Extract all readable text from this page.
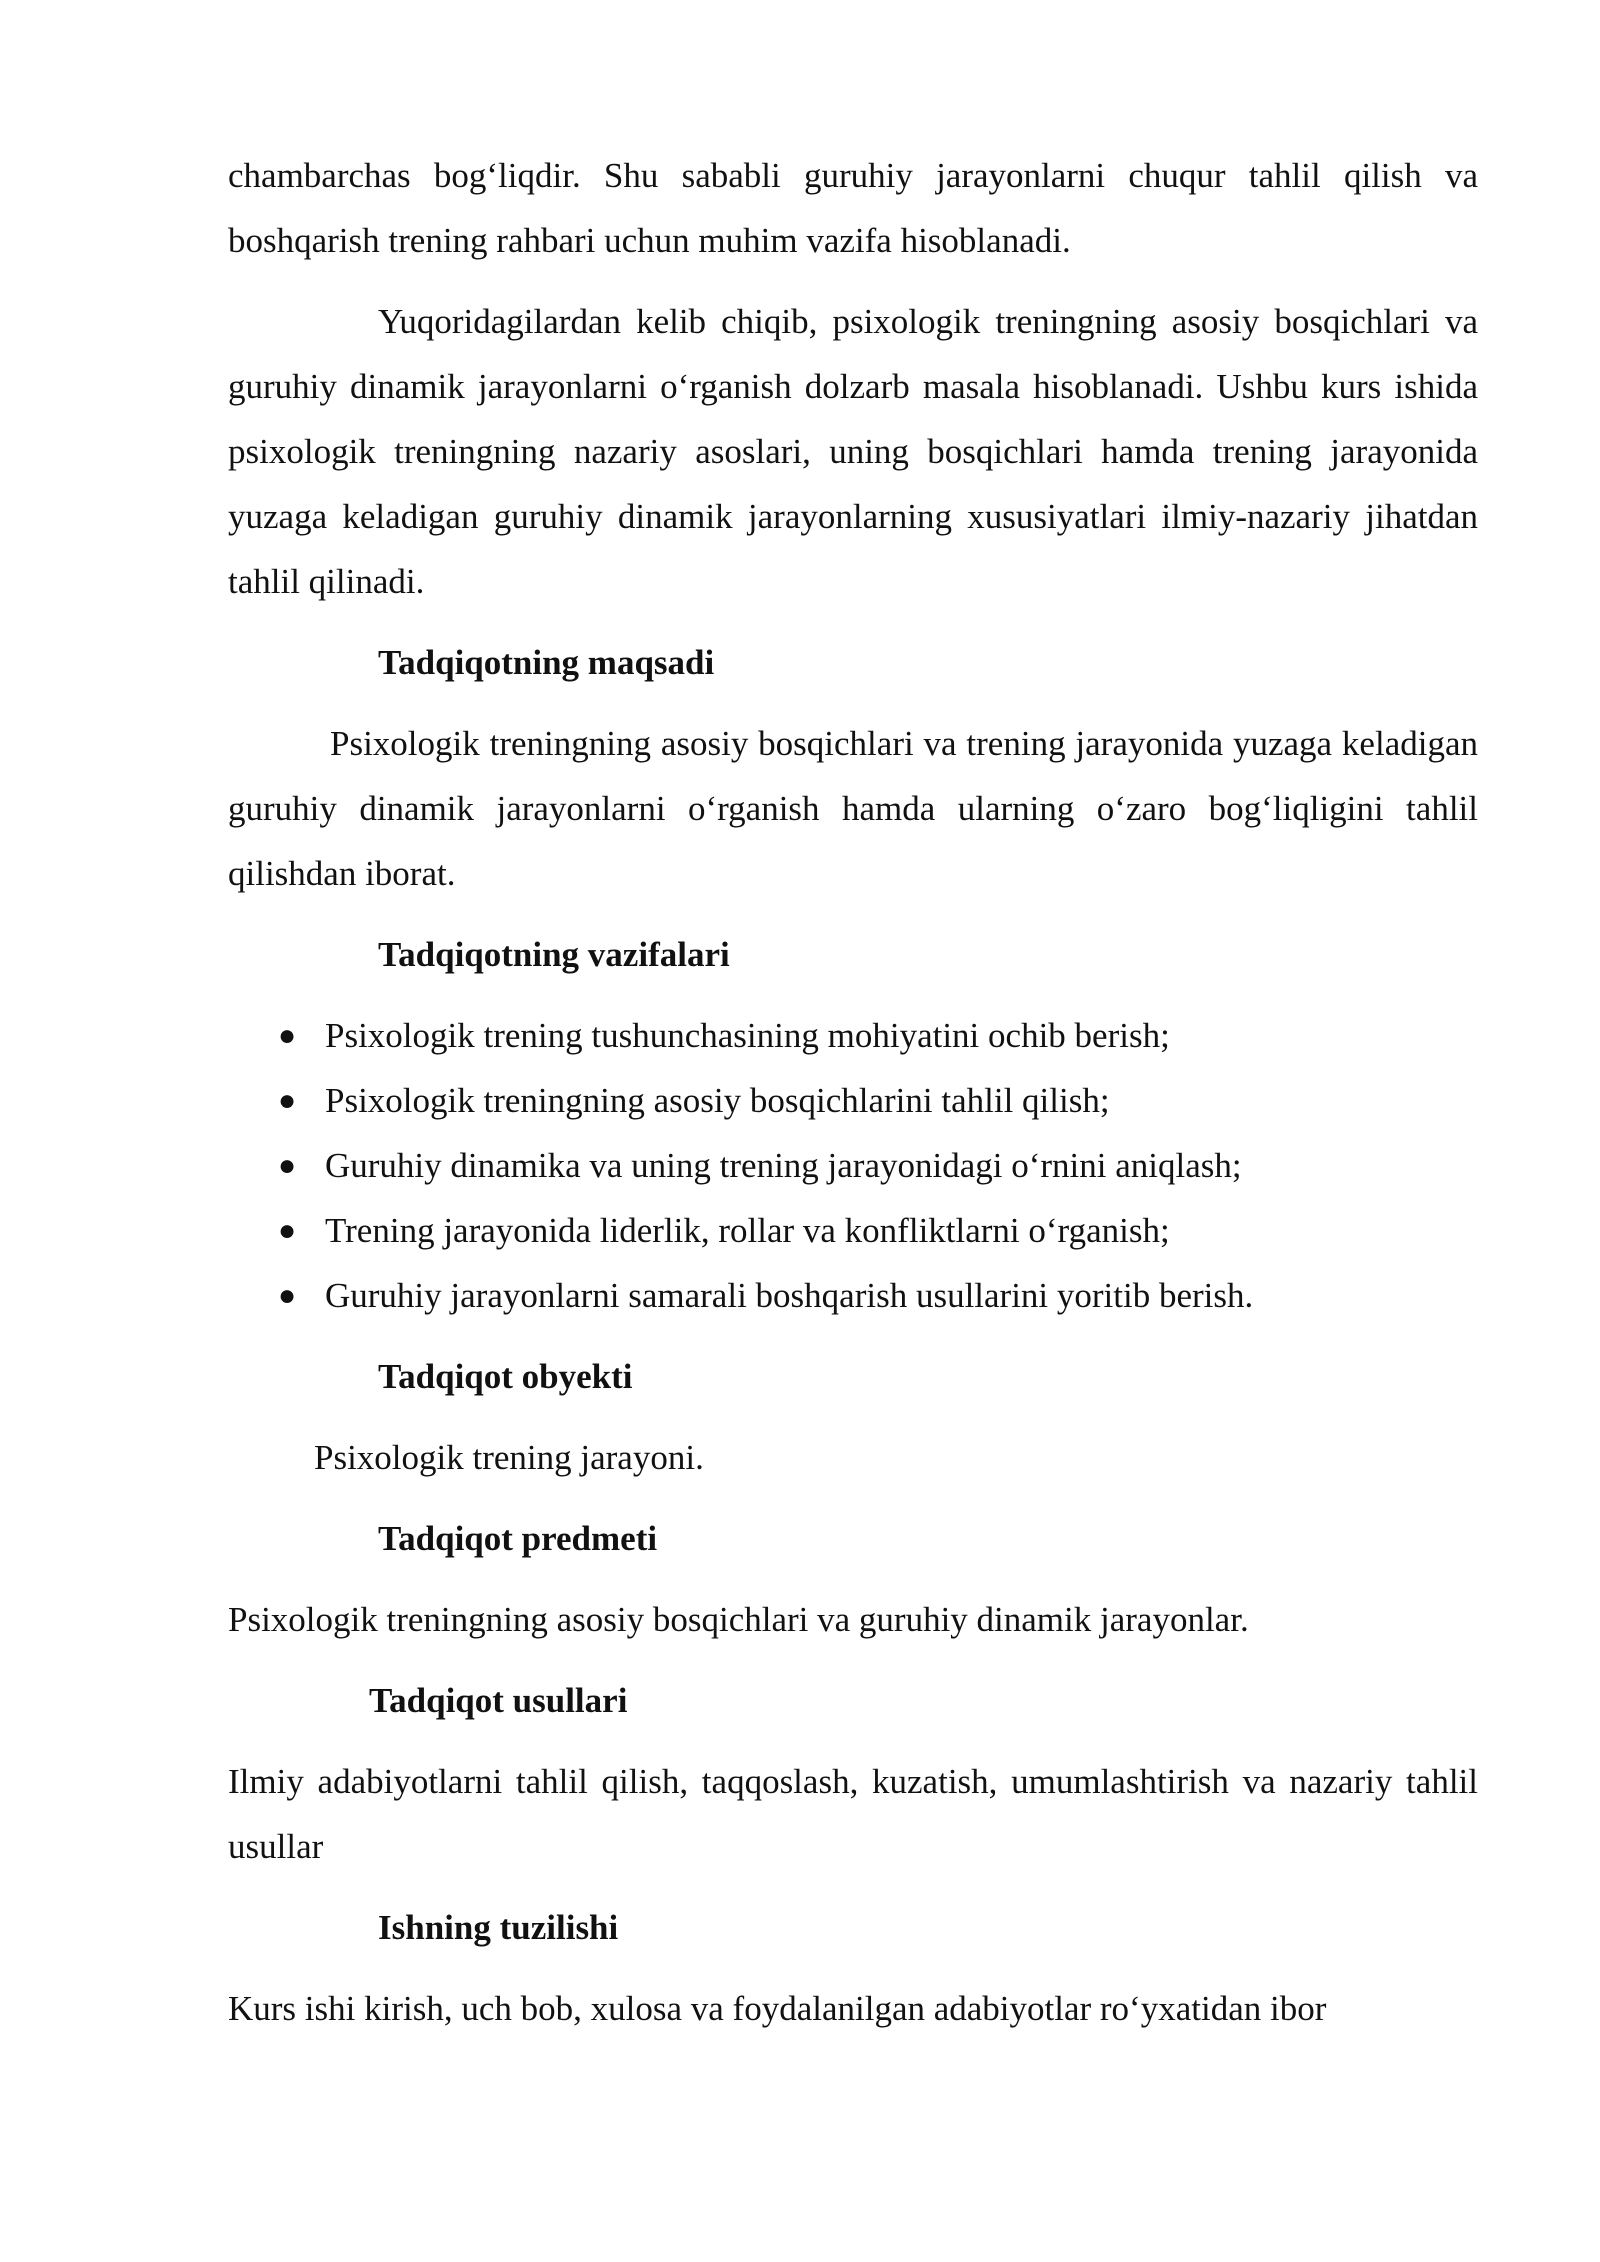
chambarchas bog‘liqdir. Shu sababli guruhiy jarayonlarni chuqur tahlil qilish va boshqarish trening rahbari uchun muhim vazifa hisoblanadi.

Yuqoridagilardan kelib chiqib, psixologik treningning asosiy bosqichlari va guruhiy dinamik jarayonlarni o‘rganish dolzarb masala hisoblanadi. Ushbu kurs ishida psixologik treningning nazariy asoslari, uning bosqichlari hamda trening jarayonida yuzaga keladigan guruhiy dinamik jarayonlarning xususiyatlari ilmiy-nazariy jihatdan tahlil qilinadi.

Tadqiqotning maqsadi

Psixologik treningning asosiy bosqichlari va trening jarayonida yuzaga keladigan guruhiy dinamik jarayonlarni o‘rganish hamda ularning o‘zaro bog‘liqligini tahlil qilishdan iborat.

Tadqiqotning vazifalari

● Psixologik trening tushunchasining mohiyatini ochib berish;
● Psixologik treningning asosiy bosqichlarini tahlil qilish;
● Guruhiy dinamika va uning trening jarayonidagi o‘rnini aniqlash;
● Trening jarayonida liderlik, rollar va konfliktlarni o‘rganish;
● Guruhiy jarayonlarni samarali boshqarish usullarini yoritib berish.

Tadqiqot obyekti

Psixologik trening jarayoni.

Tadqiqot predmeti

Psixologik treningning asosiy bosqichlari va guruhiy dinamik jarayonlar.

Tadqiqot usullari

Ilmiy adabiyotlarni tahlil qilish, taqqoslash, kuzatish, umumlashtirish va nazariy tahlil usullar

Ishning tuzilishi

Kurs ishi kirish, uch bob, xulosa va foydalanilgan adabiyotlar ro‘yxatidan ibor
